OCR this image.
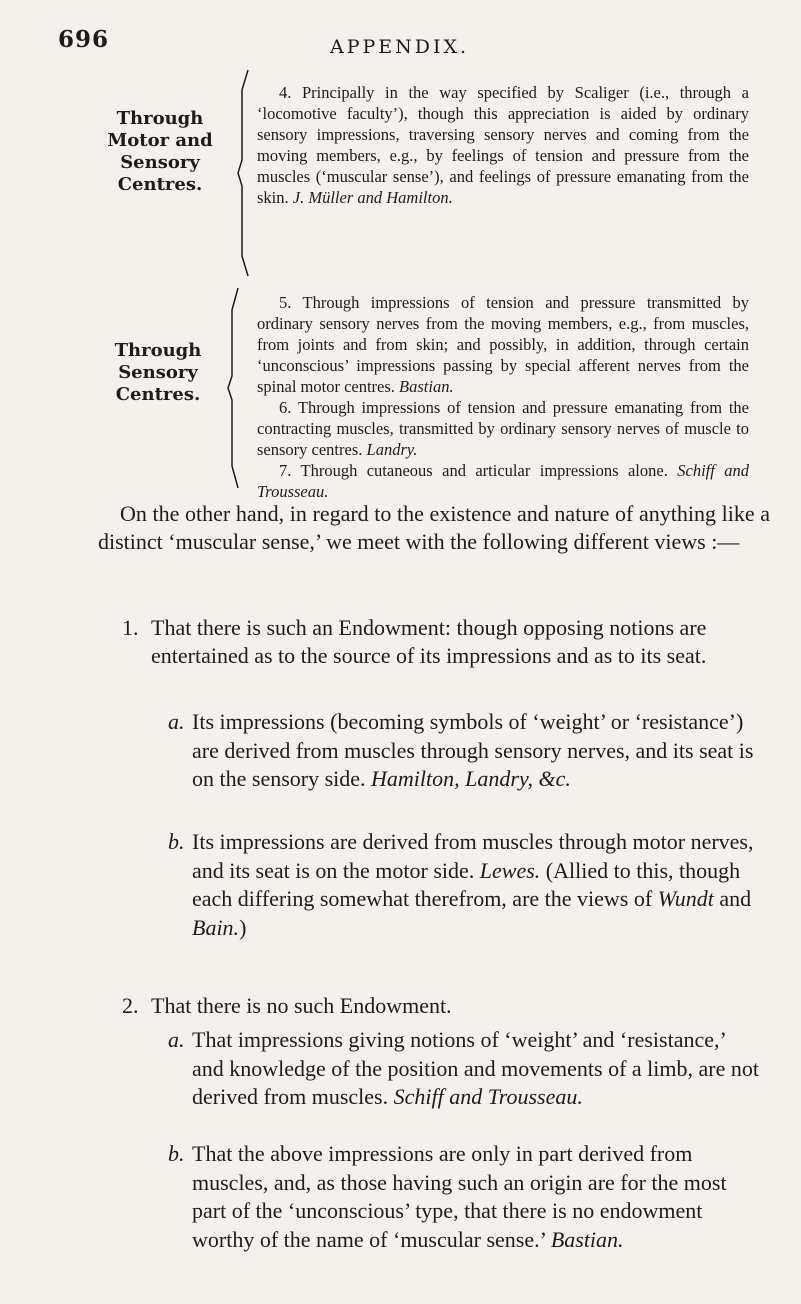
696	APPENDIX.
Through
Motor and
Sensory
Centres.

4. Principally in the way specified by Scaliger (i.e., through a ‘locomotive faculty’), though this appreciation is aided by ordinary sensory impressions, traversing sensory nerves and coming from the moving members, e.g., by feelings of tension and pressure from the muscles (‘muscular sense’), and feelings of pressure emanating from the skin. J. Müller and Hamilton.

Through
Sensory
Centres.

5. Through impressions of tension and pressure transmitted by ordinary sensory nerves from the moving members, e.g., from muscles, from joints and from skin; and possibly, in addition, through certain ‘unconscious’ impressions passing by special afferent nerves from the spinal motor centres. Bastian.

6. Through impressions of tension and pressure emanating from the contracting muscles, transmitted by ordinary sensory nerves of muscle to sensory centres. Landry.

7. Through cutaneous and articular impressions alone. Schiff and Trousseau.

On the other hand, in regard to the existence and nature of anything like a distinct ‘muscular sense,’ we meet with the following different views :—

1. That there is such an Endowment: though opposing notions are entertained as to the source of its impressions and as to its seat.

a. Its impressions (becoming symbols of ‘weight’ or ‘resistance’) are derived from muscles through sensory nerves, and its seat is on the sensory side. Hamilton, Landry, &c.

b. Its impressions are derived from muscles through motor nerves, and its seat is on the motor side. Lewes. (Allied to this, though each differing somewhat therefrom, are the views of Wundt and Bain.)

2. That there is no such Endowment.

a. That impressions giving notions of ‘weight’ and ‘resistance,’ and knowledge of the position and movements of a limb, are not derived from muscles. Schiff and Trousseau.

b. That the above impressions are only in part derived from muscles, and, as those having such an origin are for the most part of the ‘unconscious’ type, that there is no endowment worthy of the name of ‘muscular sense.’ Bastian.
